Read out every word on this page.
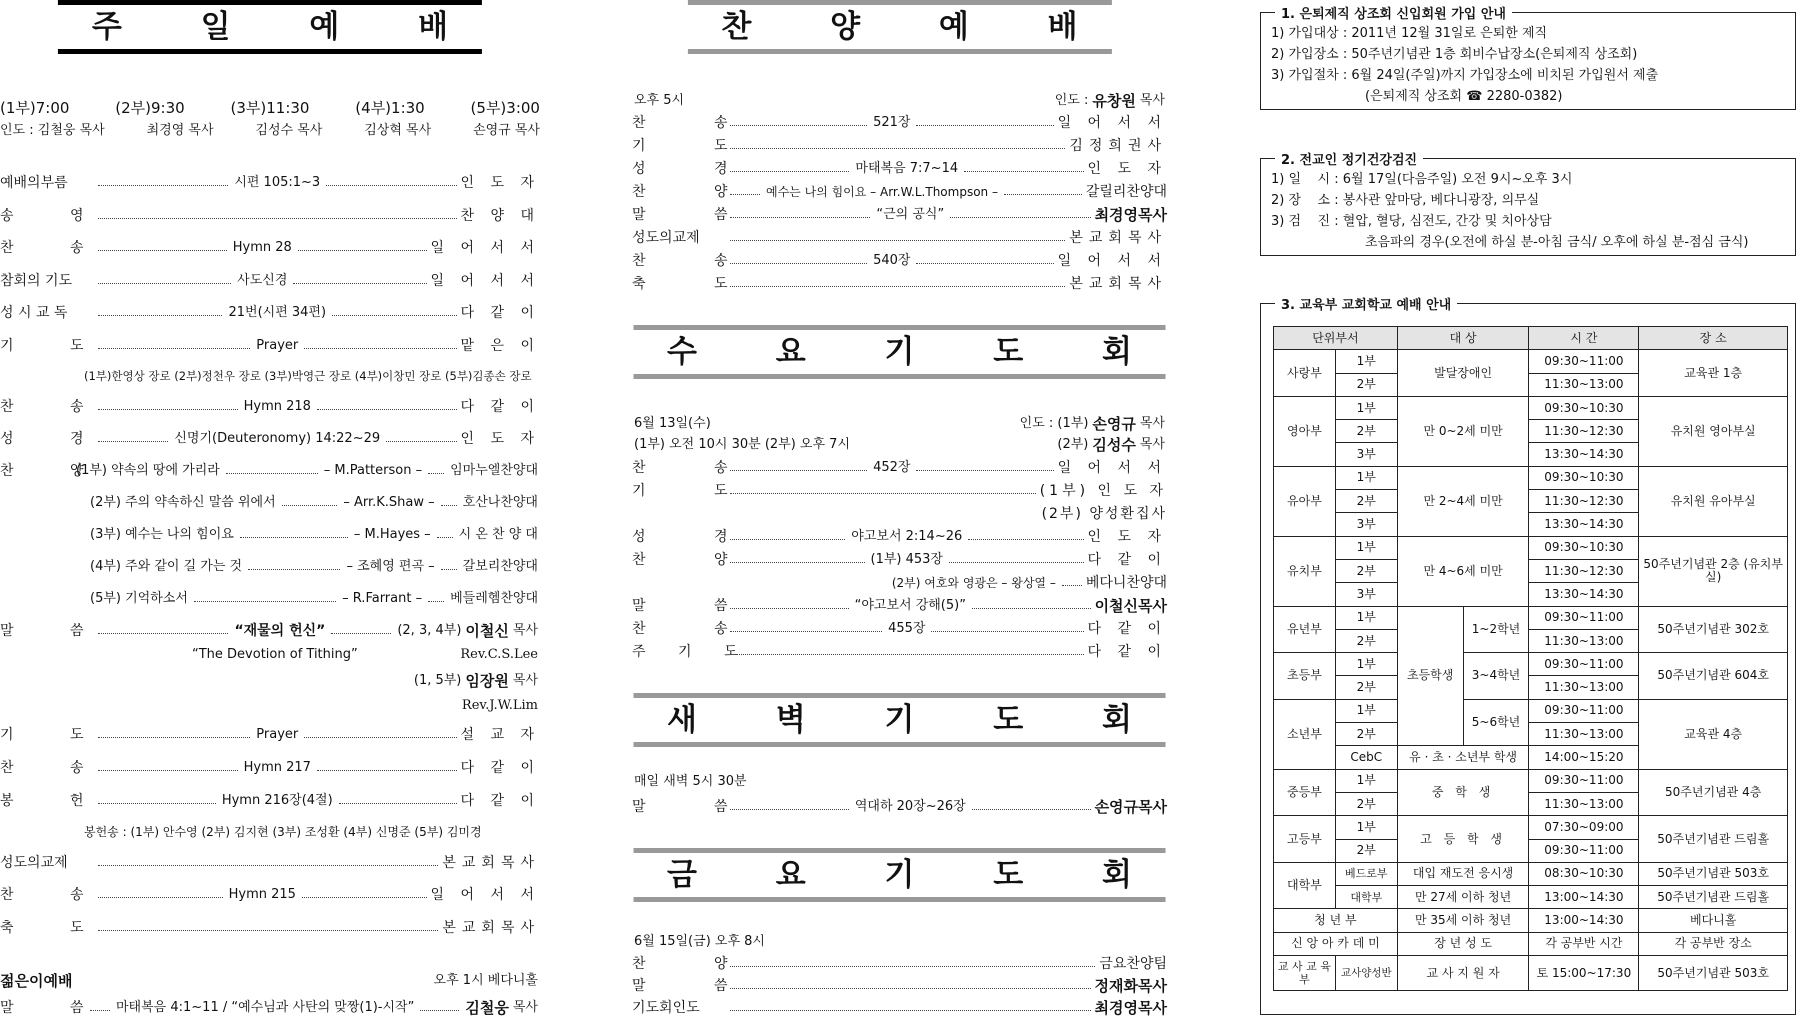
주 일 예 배
(1부)7:00	(2부)9:30	(3부)11:30	(4부)1:30	(5부)3:00
인도 : 김철웅 목사	최경영 목사	김성수 목사	김상혁 목사	손영규 목사
예배의부름	시편 105:1~3	인 도 자
송 영	찬 양 대
찬 송	Hymn 28	일 어 서 서
참회의 기도	사도신경	일 어 서 서
성 시 교 독	21번(시편 34편)	다 같 이
기 도	Prayer	맡 은 이
(1부)한영상 장로 (2부)정천우 장로 (3부)박영근 장로 (4부)이창민 장로 (5부)김종손 장로
찬 송	Hymn 218	다 같 이
성 경	신명기(Deuteronomy) 14:22~29	인 도 자
찬 양
(1부) 약속의 땅에 가리라	– M.Patterson – 임마누엘찬양대
(2부) 주의 약속하신 말씀 위에서	– Arr.K.Shaw – 호산나찬양대
(3부) 예수는 나의 힘이요	– M.Hayes – 시 온 찬 양 대
(4부) 주와 같이 길 가는 것	– 조혜영 편곡 – 갈보리찬양대
(5부) 기억하소서	– R.Farrant – 베들레헴찬양대
말 씀	“재물의 헌신”	(2, 3, 4부) 이철신 목사
“The Devotion of Tithing”	Rev.C.S.Lee
(1, 5부) 임장원 목사
Rev.J.W.Lim
기 도	Prayer	설 교 자
찬 송	Hymn 217	다 같 이
봉 헌	Hymn 216장(4절)	다 같 이
봉헌송 : (1부) 안수영 (2부) 김지현 (3부) 조성환 (4부) 신명준 (5부) 김미경
성도의교제	본교회목사
찬 송	Hymn 215	일 어 서 서
축 도	본교회목사
젊은이예배	오후 1시 베다니홀
말 씀 마태복음 4:1~11 / “예수님과 사탄의 맞짱(1)-시작”	김철웅 목사
찬 양 예 배
오후 5시	인도 : 유창원 목사
찬 송	521장	일 어 서 서
기 도	김정희권사
성 경	마태복음 7:7~14	인 도 자
찬 양 예수는 나의 힘이요 – Arr.W.L.Thompson –	갈릴리찬양대
말 씀	“근의 공식”	최경영목사
성도의교제	본교회목사
찬 송	540장	일 어 서 서
축 도	본교회목사
수 요 기 도 회
6월 13일(수)	인도 : (1부) 손영규 목사
(1부) 오전 10시 30분 (2부) 오후 7시	(2부) 김성수 목사
찬 송	452장	일 어 서 서
기 도	(1부) 인 도 자
(2부) 양성환집사
성 경	야고보서 2:14~26	인 도 자
찬 양	(1부) 453장	다 같 이
(2부) 여호와 영광은 – 왕상열 – 베다니찬양대
말 씀	“야고보서 강해(5)”	이철신목사
찬 송	455장	다 같 이
주 기 도	다 같 이
새 벽 기 도 회
매일 새벽 5시 30분
말 씀	역대하 20장~26장	손영규목사
금 요 기 도 회
6월 15일(금) 오후 8시
찬 양	금요찬양팀
말 씀	정재화목사
기도회인도	최경영목사
1. 은퇴제직 상조회 신입회원 가입 안내
1) 가입대상 : 2011년 12월 31일로 은퇴한 제직
2) 가입장소 : 50주년기념관 1층 회비수납장소(은퇴제직 상조회)
3) 가입절차 : 6월 24일(주일)까지 가입장소에 비치된 가입원서 제출
(은퇴제직 상조회 ☎ 2280-0382)
2. 전교인 정기건강검진
1) 일    시 : 6월 17일(다음주일) 오전 9시~오후 3시
2) 장    소 : 봉사관 앞마당, 베다니광장, 의무실
3) 검    진 : 혈압, 혈당, 심전도, 간강 및 치아상담
초음파의 경우(오전에 하실 분-아침 금식/ 오후에 하실 분-점심 금식)
3. 교육부 교회학교 예배 안내
단위부서		대 상		시 간	장 소
사랑부	1부	발달장애인		09:30~11:00	교육관 1층
	2부			11:30~13:00	
영아부	1부	만 0~2세 미만		09:30~10:30	유치원 영아부실
	2부			11:30~12:30	
	3부			13:30~14:30	
유아부	1부	만 2~4세 미만		09:30~10:30	유치원 유아부실
	2부			11:30~12:30	
	3부			13:30~14:30	
유치부	1부	만 4~6세 미만		09:30~10:30	50주년기념관 2층 (유치부실)
	2부			11:30~12:30	
	3부			13:30~14:30	
유년부	1부	초등학생	1~2학년	09:30~11:00	50주년기념관 302호
	2부			11:30~13:00	
초등부	1부		3~4학년	09:30~11:00	50주년기념관 604호
	2부			11:30~13:00	
소년부	1부		5~6학년	09:30~11:00	교육관 4층
	2부			11:30~13:00	
	CebC	유 · 초 · 소년부 학생		14:00~15:20	
중등부	1부	중 학 생		09:30~11:00	50주년기념관 4층
	2부			11:30~13:00	
고등부	1부	고 등 학 생		07:30~09:00	50주년기념관 드림홀
	2부			09:30~11:00	
대학부	베드로부	대입 재도전 응시생		08:30~10:30	50주년기념관 503호
	대학부	만 27세 이하 청년		13:00~14:30	50주년기념관 드림홀
청 년 부		만 35세 이하 청년		13:00~14:30	베다니홀
신 앙 아 카 데 미		장 년 성 도		각 공부반 시간	각 공부반 장소
교 사 교 육 부	교사양성반	교 사 지 원 자		토 15:00~17:30	50주년기념관 503호
